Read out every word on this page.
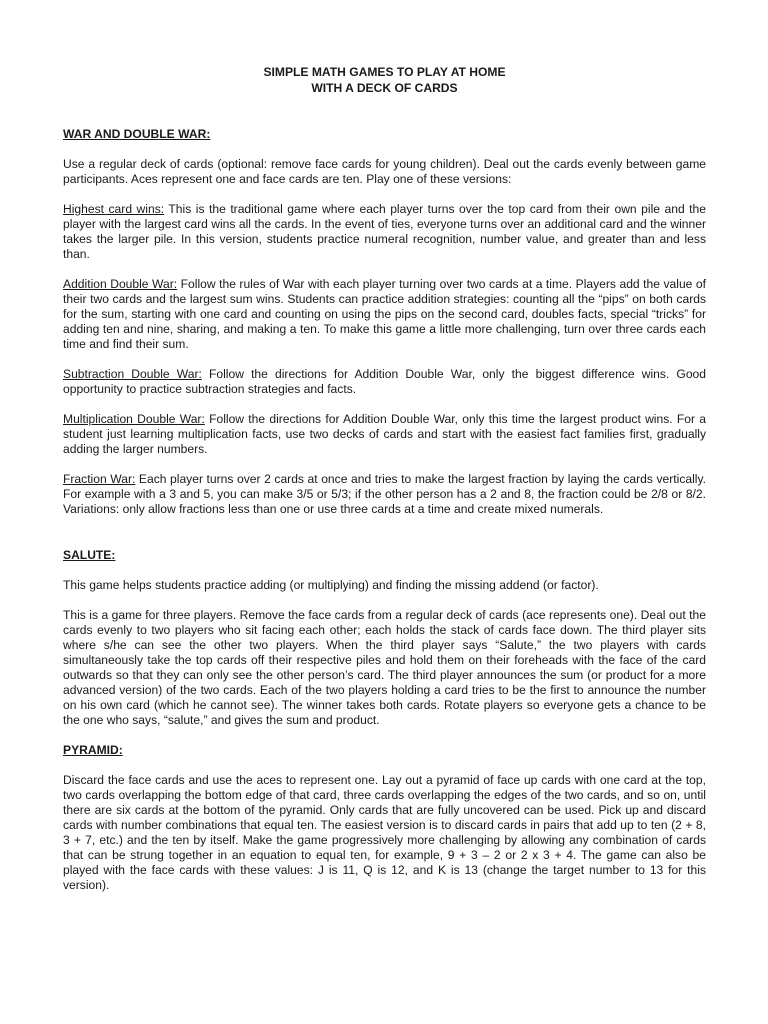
SIMPLE MATH GAMES TO PLAY AT HOME
WITH A DECK OF CARDS
WAR AND DOUBLE WAR:

Use a regular deck of cards (optional: remove face cards for young children). Deal out the cards evenly between game participants. Aces represent one and face cards are ten. Play one of these versions:

Highest card wins: This is the traditional game where each player turns over the top card from their own pile and the player with the largest card wins all the cards. In the event of ties, everyone turns over an additional card and the winner takes the larger pile. In this version, students practice numeral recognition, number value, and greater than and less than.

Addition Double War: Follow the rules of War with each player turning over two cards at a time. Players add the value of their two cards and the largest sum wins. Students can practice addition strategies: counting all the “pips” on both cards for the sum, starting with one card and counting on using the pips on the second card, doubles facts, special “tricks” for adding ten and nine, sharing, and making a ten. To make this game a little more challenging, turn over three cards each time and find their sum.

Subtraction Double War: Follow the directions for Addition Double War, only the biggest difference wins. Good opportunity to practice subtraction strategies and facts.

Multiplication Double War: Follow the directions for Addition Double War, only this time the largest product wins. For a student just learning multiplication facts, use two decks of cards and start with the easiest fact families first, gradually adding the larger numbers.

Fraction War: Each player turns over 2 cards at once and tries to make the largest fraction by laying the cards vertically. For example with a 3 and 5, you can make 3/5 or 5/3; if the other person has a 2 and 8, the fraction could be 2/8 or 8/2. Variations: only allow fractions less than one or use three cards at a time and create mixed numerals.

SALUTE:

This game helps students practice adding (or multiplying) and finding the missing addend (or factor).

This is a game for three players. Remove the face cards from a regular deck of cards (ace represents one). Deal out the cards evenly to two players who sit facing each other; each holds the stack of cards face down. The third player sits where s/he can see the other two players. When the third player says “Salute,” the two players with cards simultaneously take the top cards off their respective piles and hold them on their foreheads with the face of the card outwards so that they can only see the other person’s card. The third player announces the sum (or product for a more advanced version) of the two cards. Each of the two players holding a card tries to be the first to announce the number on his own card (which he cannot see). The winner takes both cards. Rotate players so everyone gets a chance to be the one who says, “salute,” and gives the sum and product.

PYRAMID:

Discard the face cards and use the aces to represent one. Lay out a pyramid of face up cards with one card at the top, two cards overlapping the bottom edge of that card, three cards overlapping the edges of the two cards, and so on, until there are six cards at the bottom of the pyramid. Only cards that are fully uncovered can be used. Pick up and discard cards with number combinations that equal ten. The easiest version is to discard cards in pairs that add up to ten (2 + 8, 3 + 7, etc.) and the ten by itself. Make the game progressively more challenging by allowing any combination of cards that can be strung together in an equation to equal ten, for example, 9 + 3 – 2 or 2 x 3 + 4. The game can also be played with the face cards with these values: J is 11, Q is 12, and K is 13 (change the target number to 13 for this version).
